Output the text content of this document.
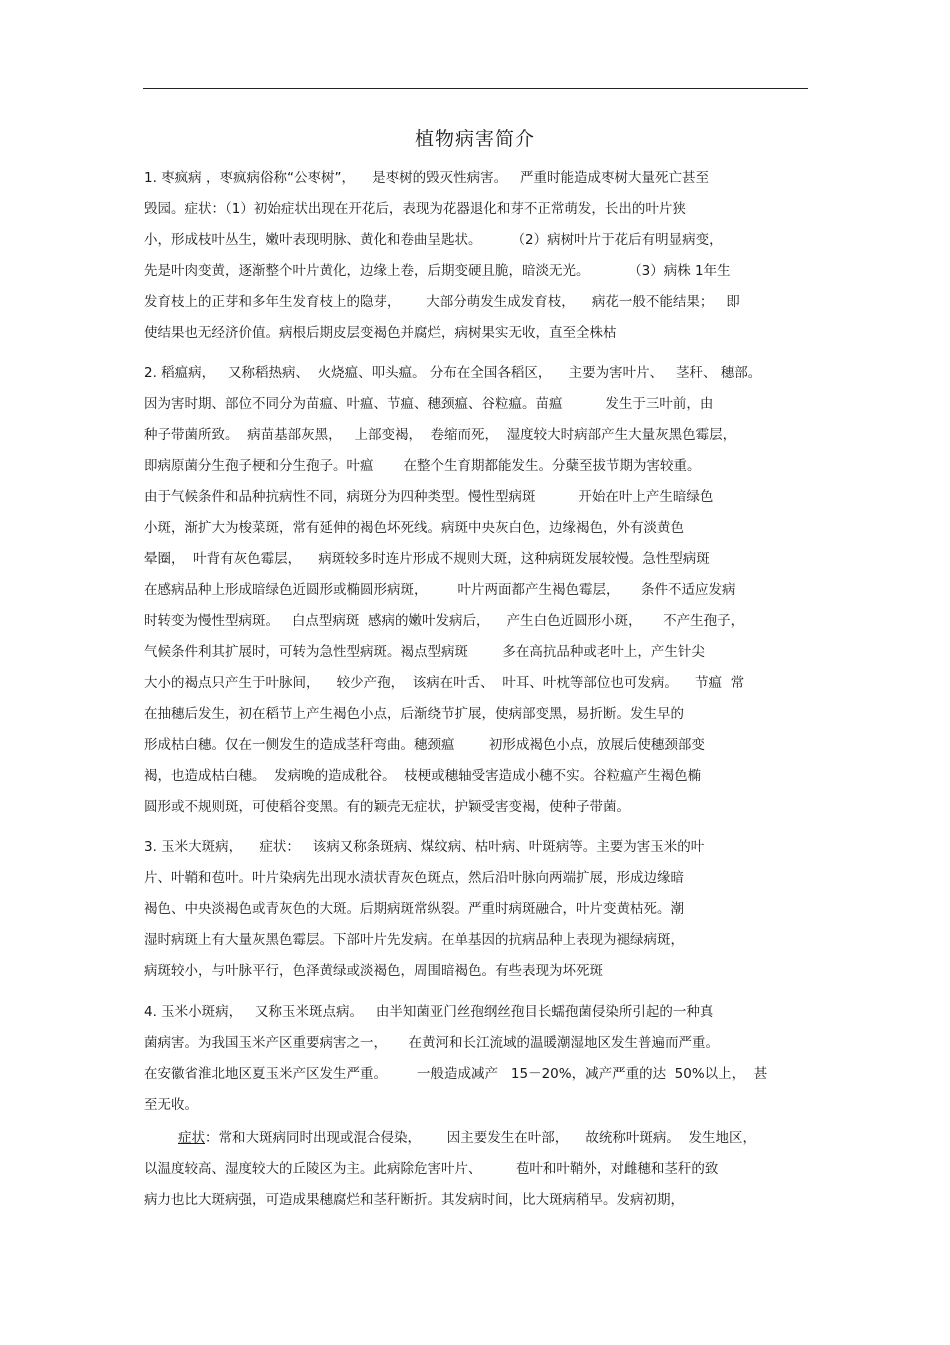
植物病害简介
1. 枣疯病 ，枣疯病俗称“公枣树”，    是枣树的毁灭性病害。   严重时能造成枣树大量死亡甚至
毁园。症状：（1）初始症状出现在开花后，表现为花器退化和芽不正常萌发，长出的叶片狭
小，形成枝叶丛生，嫩叶表现明脉、黄化和卷曲呈匙状。       （2）病树叶片于花后有明显病变，
先是叶肉变黄，逐渐整个叶片黄化，边缘上卷，后期变硬且脆，暗淡无光。         （3）病株 1年生
发育枝上的正芽和多年生发育枝上的隐芽，      大部分萌发生成发育枝，    病花一般不能结果；   即
使结果也无经济价值。病根后期皮层变褐色并腐烂，病树果实无收，直至全株枯
2. 稻瘟病，   又称稻热病、  火烧瘟、叩头瘟。 分布在全国各稻区，    主要为害叶片、   茎秆、 穗部。
因为害时期、部位不同分为苗瘟、叶瘟、节瘟、穗颈瘟、谷粒瘟。苗瘟          发生于三叶前，由
种子带菌所致。  病苗基部灰黑，   上部变褐，  卷缩而死，  湿度较大时病部产生大量灰黑色霉层，
即病原菌分生孢子梗和分生孢子。叶瘟       在整个生育期都能发生。分蘖至拔节期为害较重。
由于气候条件和品种抗病性不同，病斑分为四种类型。慢性型病斑          开始在叶上产生暗绿色
小斑，渐扩大为梭菜斑，常有延伸的褐色坏死线。病斑中央灰白色，边缘褐色，外有淡黄色
晕圈，  叶背有灰色霉层，    病斑较多时连片形成不规则大斑，这种病斑发展较慢。急性型病斑
在感病品种上形成暗绿色近圆形或椭圆形病斑，       叶片两面都产生褐色霉层，     条件不适应发病
时转变为慢性型病斑。   白点型病斑  感病的嫩叶发病后，    产生白色近圆形小斑，     不产生孢子，
气候条件利其扩展时，可转为急性型病斑。褐点型病斑        多在高抗品种或老叶上，产生针尖
大小的褐点只产生于叶脉间，    较少产孢，  该病在叶舌、  叶耳、叶枕等部位也可发病。    节瘟  常
在抽穗后发生，初在稻节上产生褐色小点，后渐绕节扩展，使病部变黑，易折断。发生早的
形成枯白穗。仅在一侧发生的造成茎秆弯曲。穗颈瘟        初形成褐色小点，放展后使穗颈部变
褐，也造成枯白穗。  发病晚的造成秕谷。  枝梗或穗轴受害造成小穗不实。谷粒瘟产生褐色椭
圆形或不规则斑，可使稻谷变黑。有的颖壳无症状，护颖受害变褐，使种子带菌。
3. 玉米大斑病，    症状：   该病又称条斑病、煤纹病、枯叶病、叶斑病等。主要为害玉米的叶
片、叶鞘和苞叶。叶片染病先出现水渍状青灰色斑点，然后沿叶脉向两端扩展，形成边缘暗
褐色、中央淡褐色或青灰色的大斑。后期病斑常纵裂。严重时病斑融合，叶片变黄枯死。潮
湿时病斑上有大量灰黑色霉层。下部叶片先发病。在单基因的抗病品种上表现为褪绿病斑，
病斑较小，与叶脉平行，色泽黄绿或淡褐色，周围暗褐色。有些表现为坏死斑
4. 玉米小斑病，   又称玉米斑点病。   由半知菌亚门丝孢纲丝孢目长蠕孢菌侵染所引起的一种真
菌病害。为我国玉米产区重要病害之一，     在黄河和长江流域的温暖潮湿地区发生普遍而严重。
在安徽省淮北地区夏玉米产区发生严重。       一般造成减产   15－20%，减产严重的达  50%以上，  甚
至无收。
症状：常和大斑病同时出现或混合侵染，      因主要发生在叶部，    故统称叶斑病。  发生地区，
以温度较高、湿度较大的丘陵区为主。此病除危害叶片、        苞叶和叶鞘外，对雌穗和茎秆的致
病力也比大斑病强，可造成果穗腐烂和茎秆断折。其发病时间，比大斑病稍早。发病初期，
